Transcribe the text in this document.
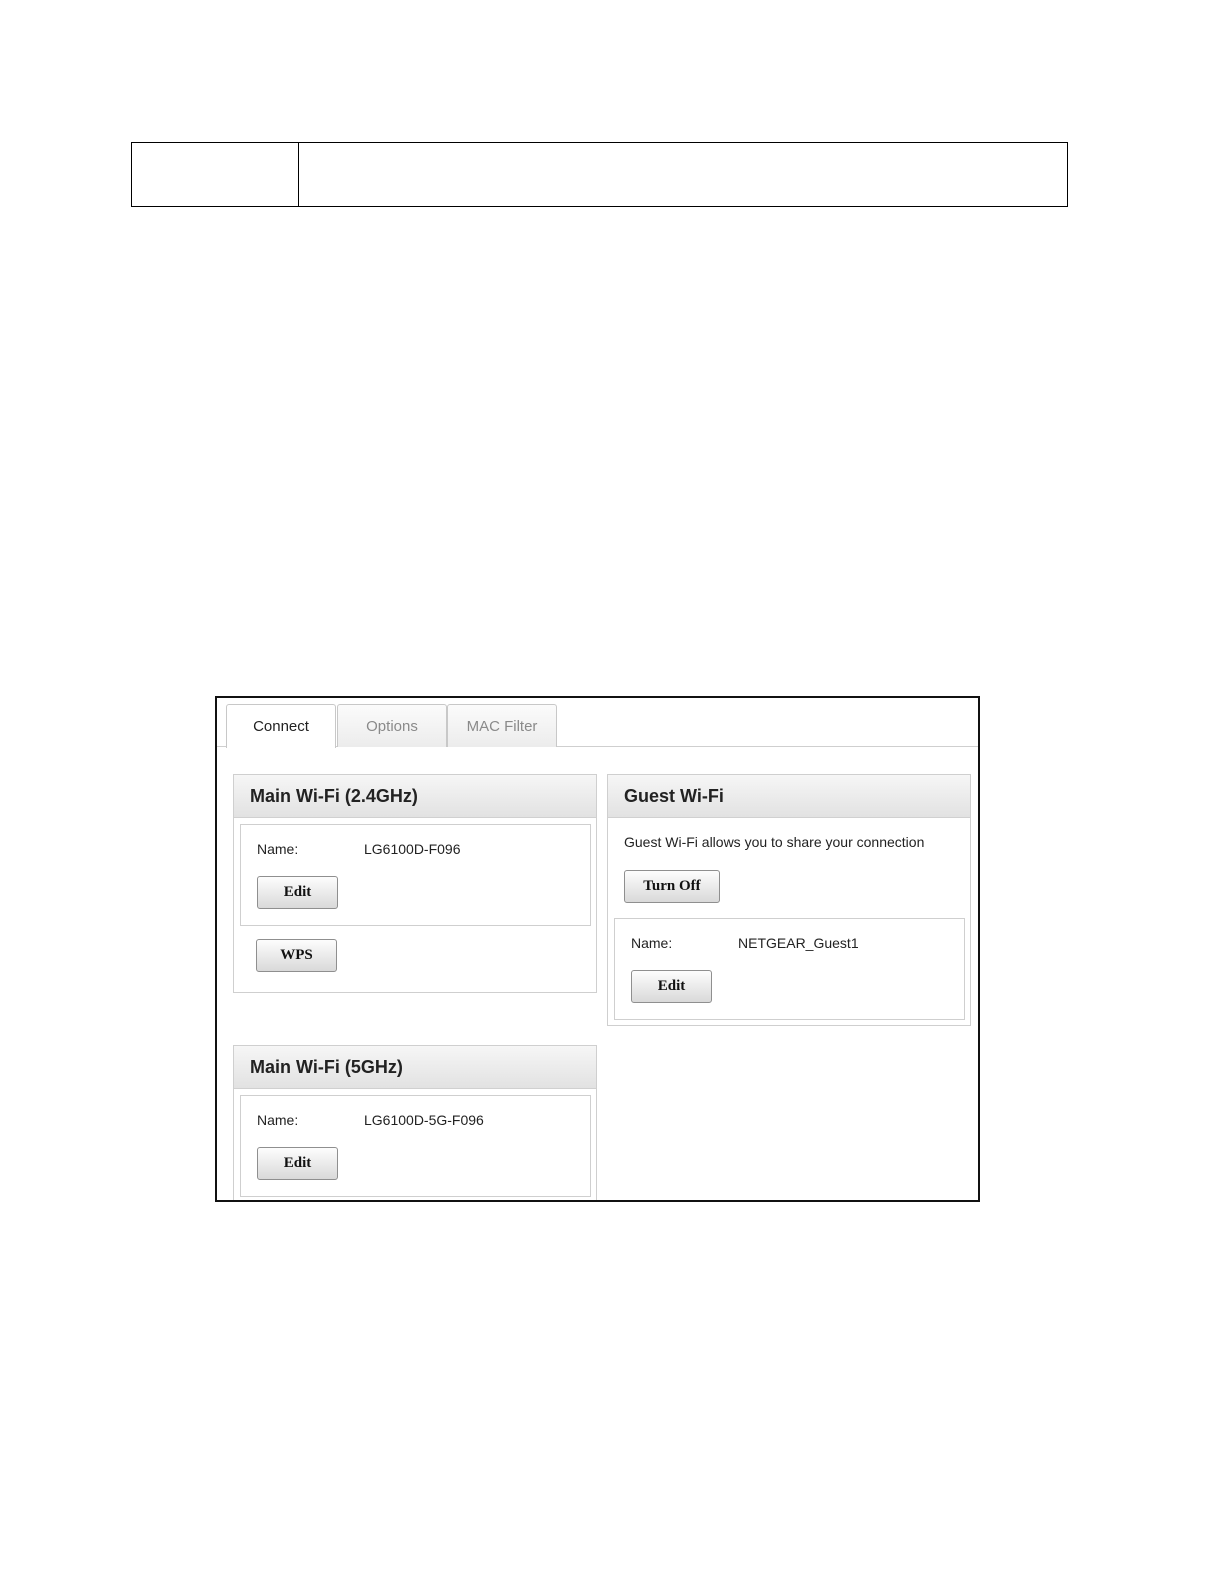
Connect	Options	MAC Filter
Main Wi-Fi (2.4GHz)
Name:	LG6100D-F096
Edit
WPS
Guest Wi-Fi
Guest Wi-Fi allows you to share your connection
Turn Off
Name:	NETGEAR_Guest1
Edit
Main Wi-Fi (5GHz)
Name:	LG6100D-5G-F096
Edit
